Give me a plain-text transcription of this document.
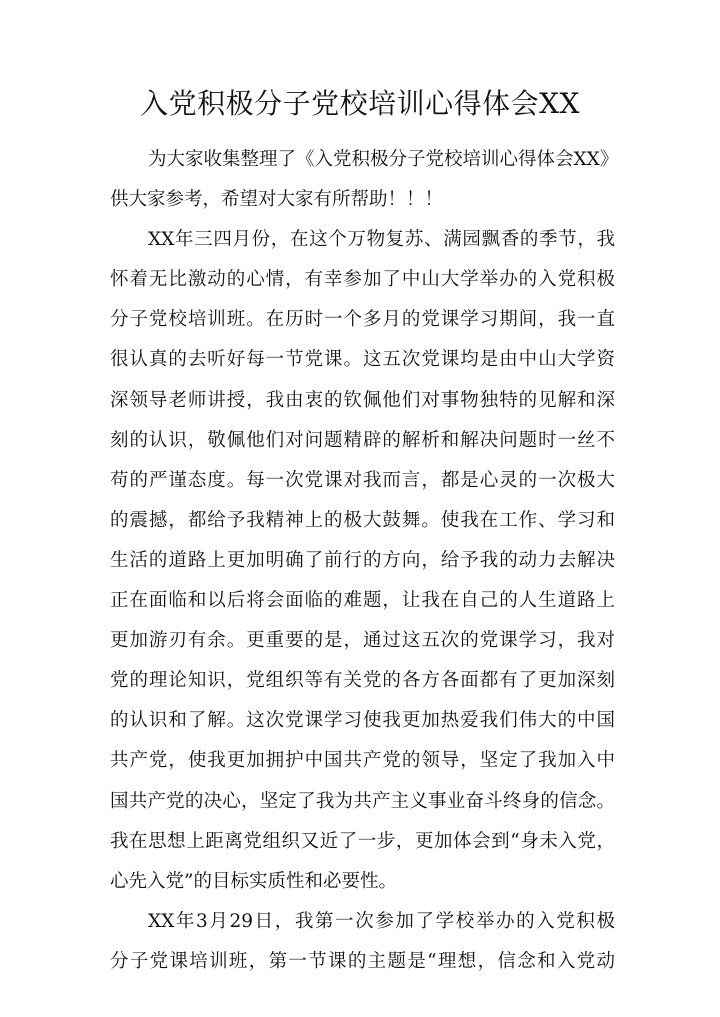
入党积极分子党校培训心得体会XX
为大家收集整理了《入党积极分子党校培训心得体会XX》
供大家参考，希望对大家有所帮助！！！
XX年三四月份，在这个万物复苏、满园飘香的季节，我
怀着无比激动的心情，有幸参加了中山大学举办的入党积极
分子党校培训班。在历时一个多月的党课学习期间，我一直
很认真的去听好每一节党课。这五次党课均是由中山大学资
深领导老师讲授，我由衷的钦佩他们对事物独特的见解和深
刻的认识，敬佩他们对问题精辟的解析和解决问题时一丝不
苟的严谨态度。每一次党课对我而言，都是心灵的一次极大
的震撼，都给予我精神上的极大鼓舞。使我在工作、学习和
生活的道路上更加明确了前行的方向，给予我的动力去解决
正在面临和以后将会面临的难题，让我在自己的人生道路上
更加游刃有余。更重要的是，通过这五次的党课学习，我对
党的理论知识，党组织等有关党的各方各面都有了更加深刻
的认识和了解。这次党课学习使我更加热爱我们伟大的中国
共产党，使我更加拥护中国共产党的领导，坚定了我加入中
国共产党的决心，坚定了我为共产主义事业奋斗终身的信念。
我在思想上距离党组织又近了一步，更加体会到“身未入党，
心先入党”的目标实质性和必要性。
XX年3月29日，我第一次参加了学校举办的入党积极
分子党课培训班，第一节课的主题是“理想，信念和入党动
